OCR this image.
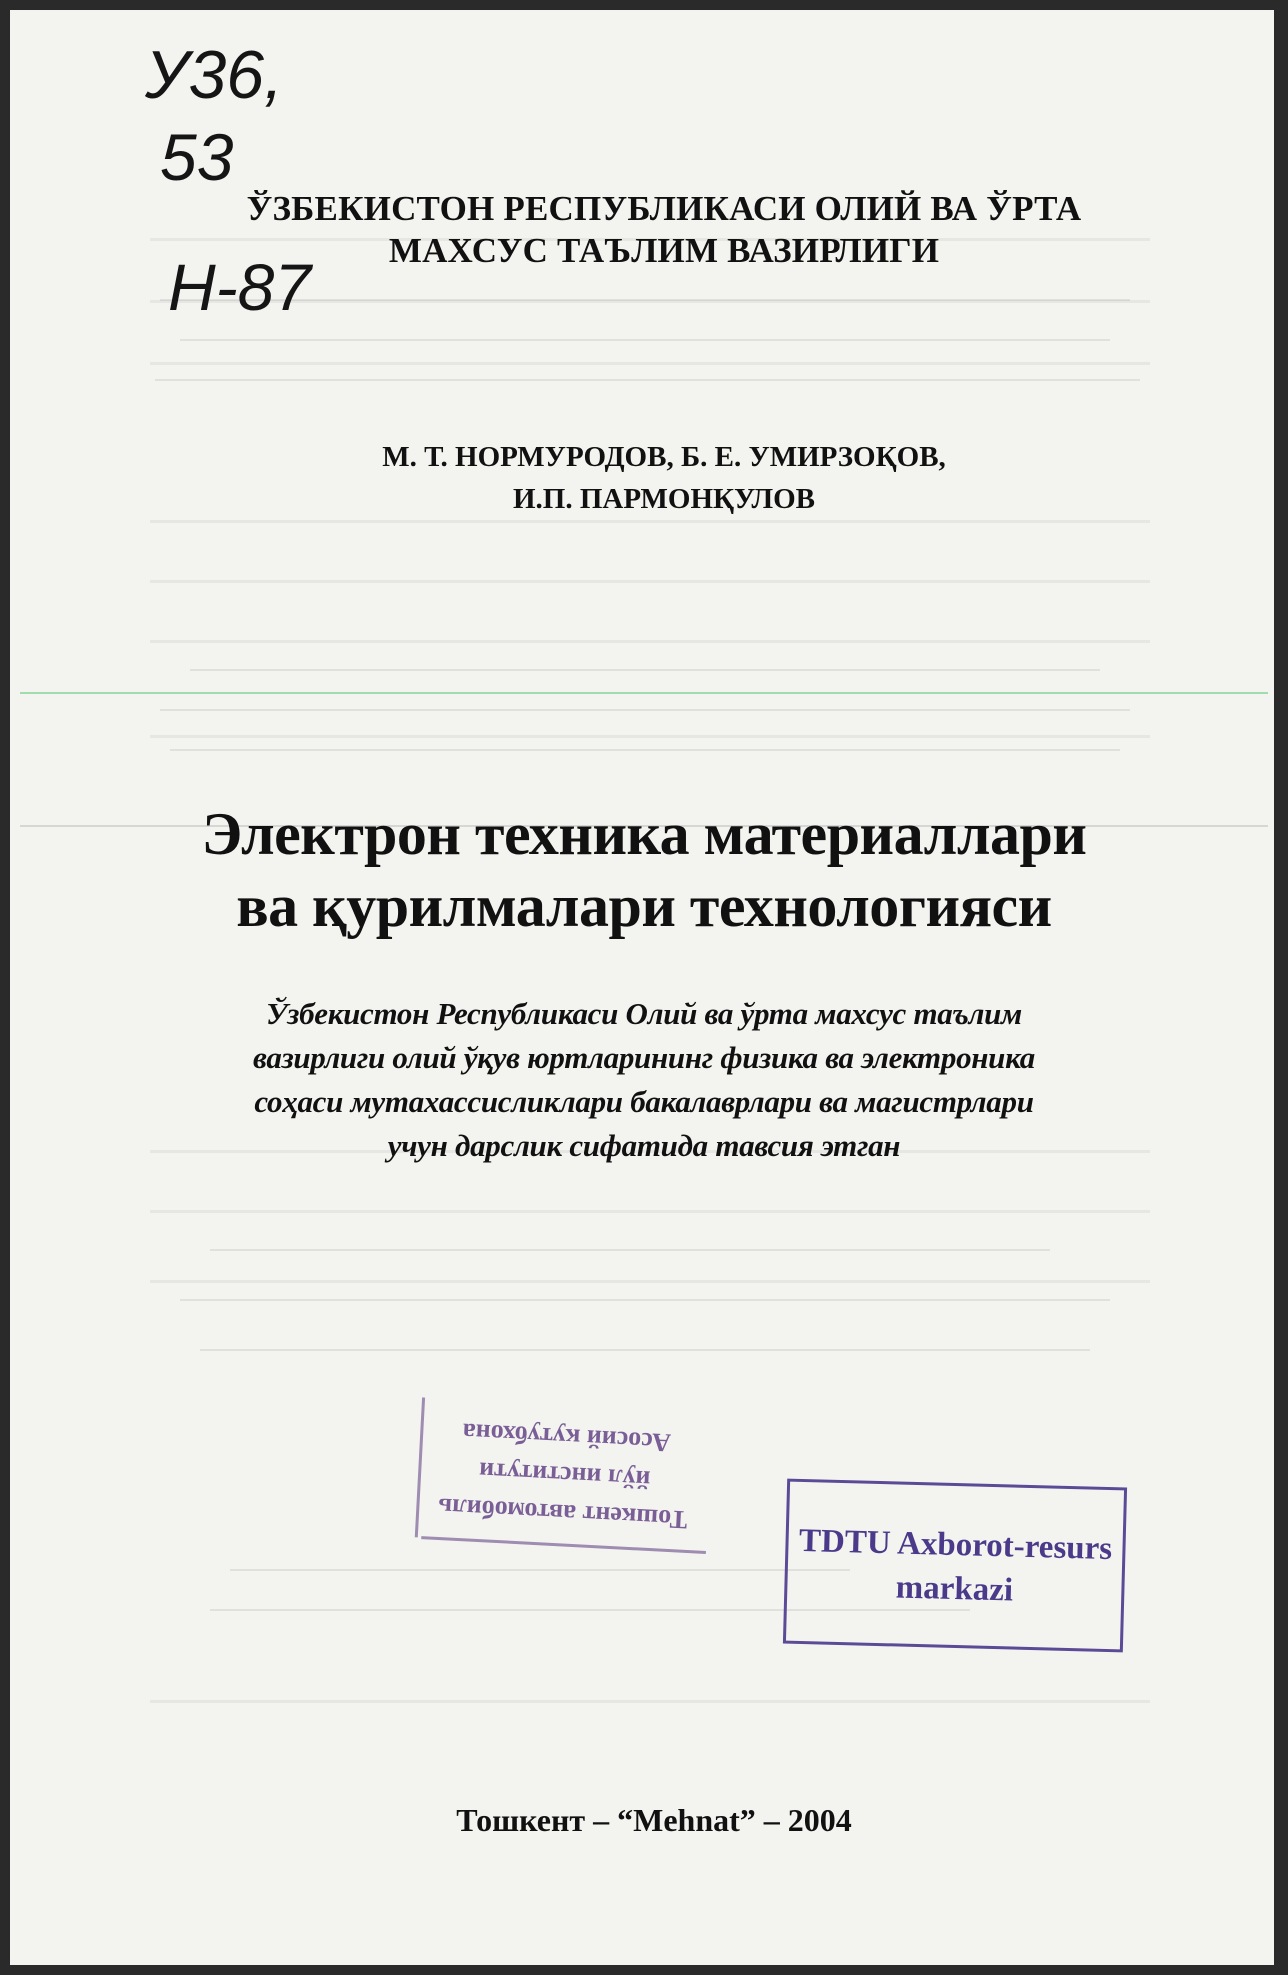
У36,
53
Н-87
ЎЗБЕКИСТОН РЕСПУБЛИКАСИ ОЛИЙ ВА ЎРТА
МАХСУС ТАЪЛИМ ВАЗИРЛИГИ
М. Т. НОРМУРОДОВ, Б. Е. УМИРЗОҚОВ,
И.П. ПАРМОНҚУЛОВ
Электрон техника материаллари
ва қурилмалари технологияси
Ўзбекистон Республикаси Олий ва ўрта махсус таълим
вазирлиги олий ўқув юртларининг физика ва электроника
соҳаси мутахассисликлари бакалаврлари ва магистрлари
учун дарслик сифатида тавсия этган
Тошкент автомобиль
йўл институти
Асосий кутубхона
TDTU Axborot-resurs
markazi
Тошкент – “Mehnat” – 2004
